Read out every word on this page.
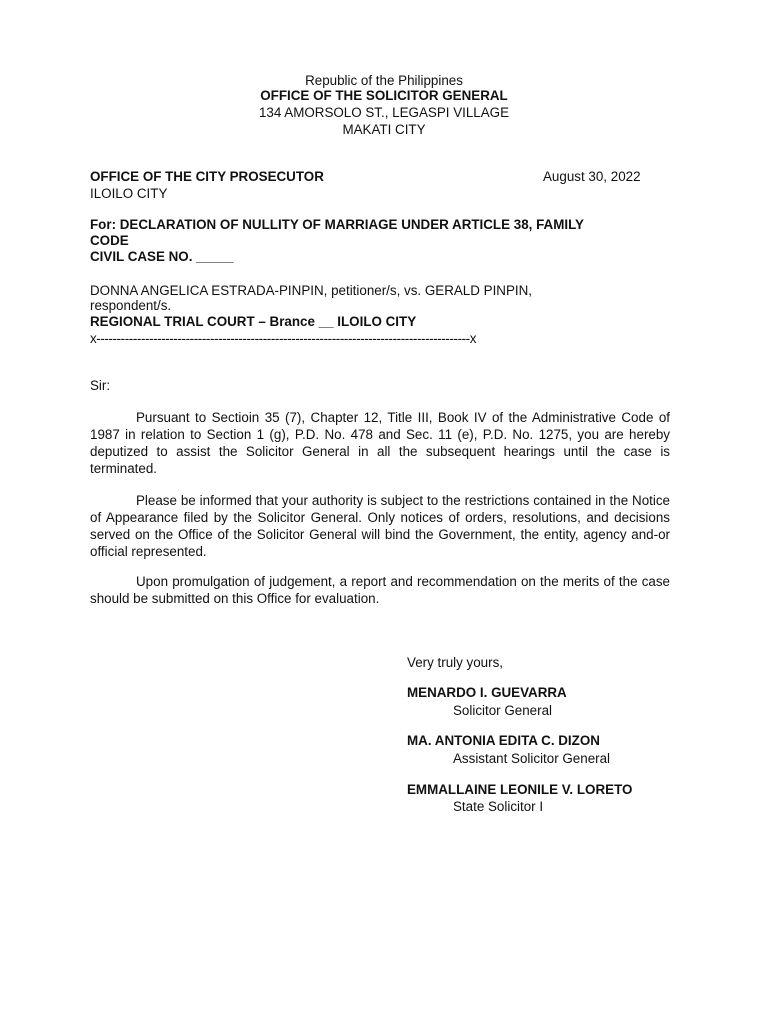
Republic of the Philippines
OFFICE OF THE SOLICITOR GENERAL
134 AMORSOLO ST., LEGASPI VILLAGE
MAKATI CITY
OFFICE OF THE CITY PROSECUTOR	August 30, 2022
ILOILO CITY
For: DECLARATION OF NULLITY OF MARRIAGE UNDER ARTICLE 38, FAMILY
CODE
CIVIL CASE NO. _____
DONNA ANGELICA ESTRADA-PINPIN, petitioner/s, vs. GERALD PINPIN,
respondent/s.
REGIONAL TRIAL COURT – Brance __ ILOILO CITY
x--------------------------------------------------------------------------------------------x
Sir:
Pursuant to Sectioin 35 (7), Chapter 12, Title III, Book IV of the Administrative Code of 1987 in relation to Section 1 (g), P.D. No. 478 and Sec. 11 (e), P.D. No. 1275, you are hereby deputized to assist the Solicitor General in all the subsequent hearings until the case is terminated.
Please be informed that your authority is subject to the restrictions contained in the Notice of Appearance filed by the Solicitor General. Only notices of orders, resolutions, and decisions served on the Office of the Solicitor General will bind the Government, the entity, agency and-or official represented.
Upon promulgation of judgement, a report and recommendation on the merits of the case should be submitted on this Office for evaluation.
Very truly yours,
MENARDO I. GUEVARRA
Solicitor General
MA. ANTONIA EDITA C. DIZON
Assistant Solicitor General
EMMALLAINE LEONILE V. LORETO
State Solicitor I
